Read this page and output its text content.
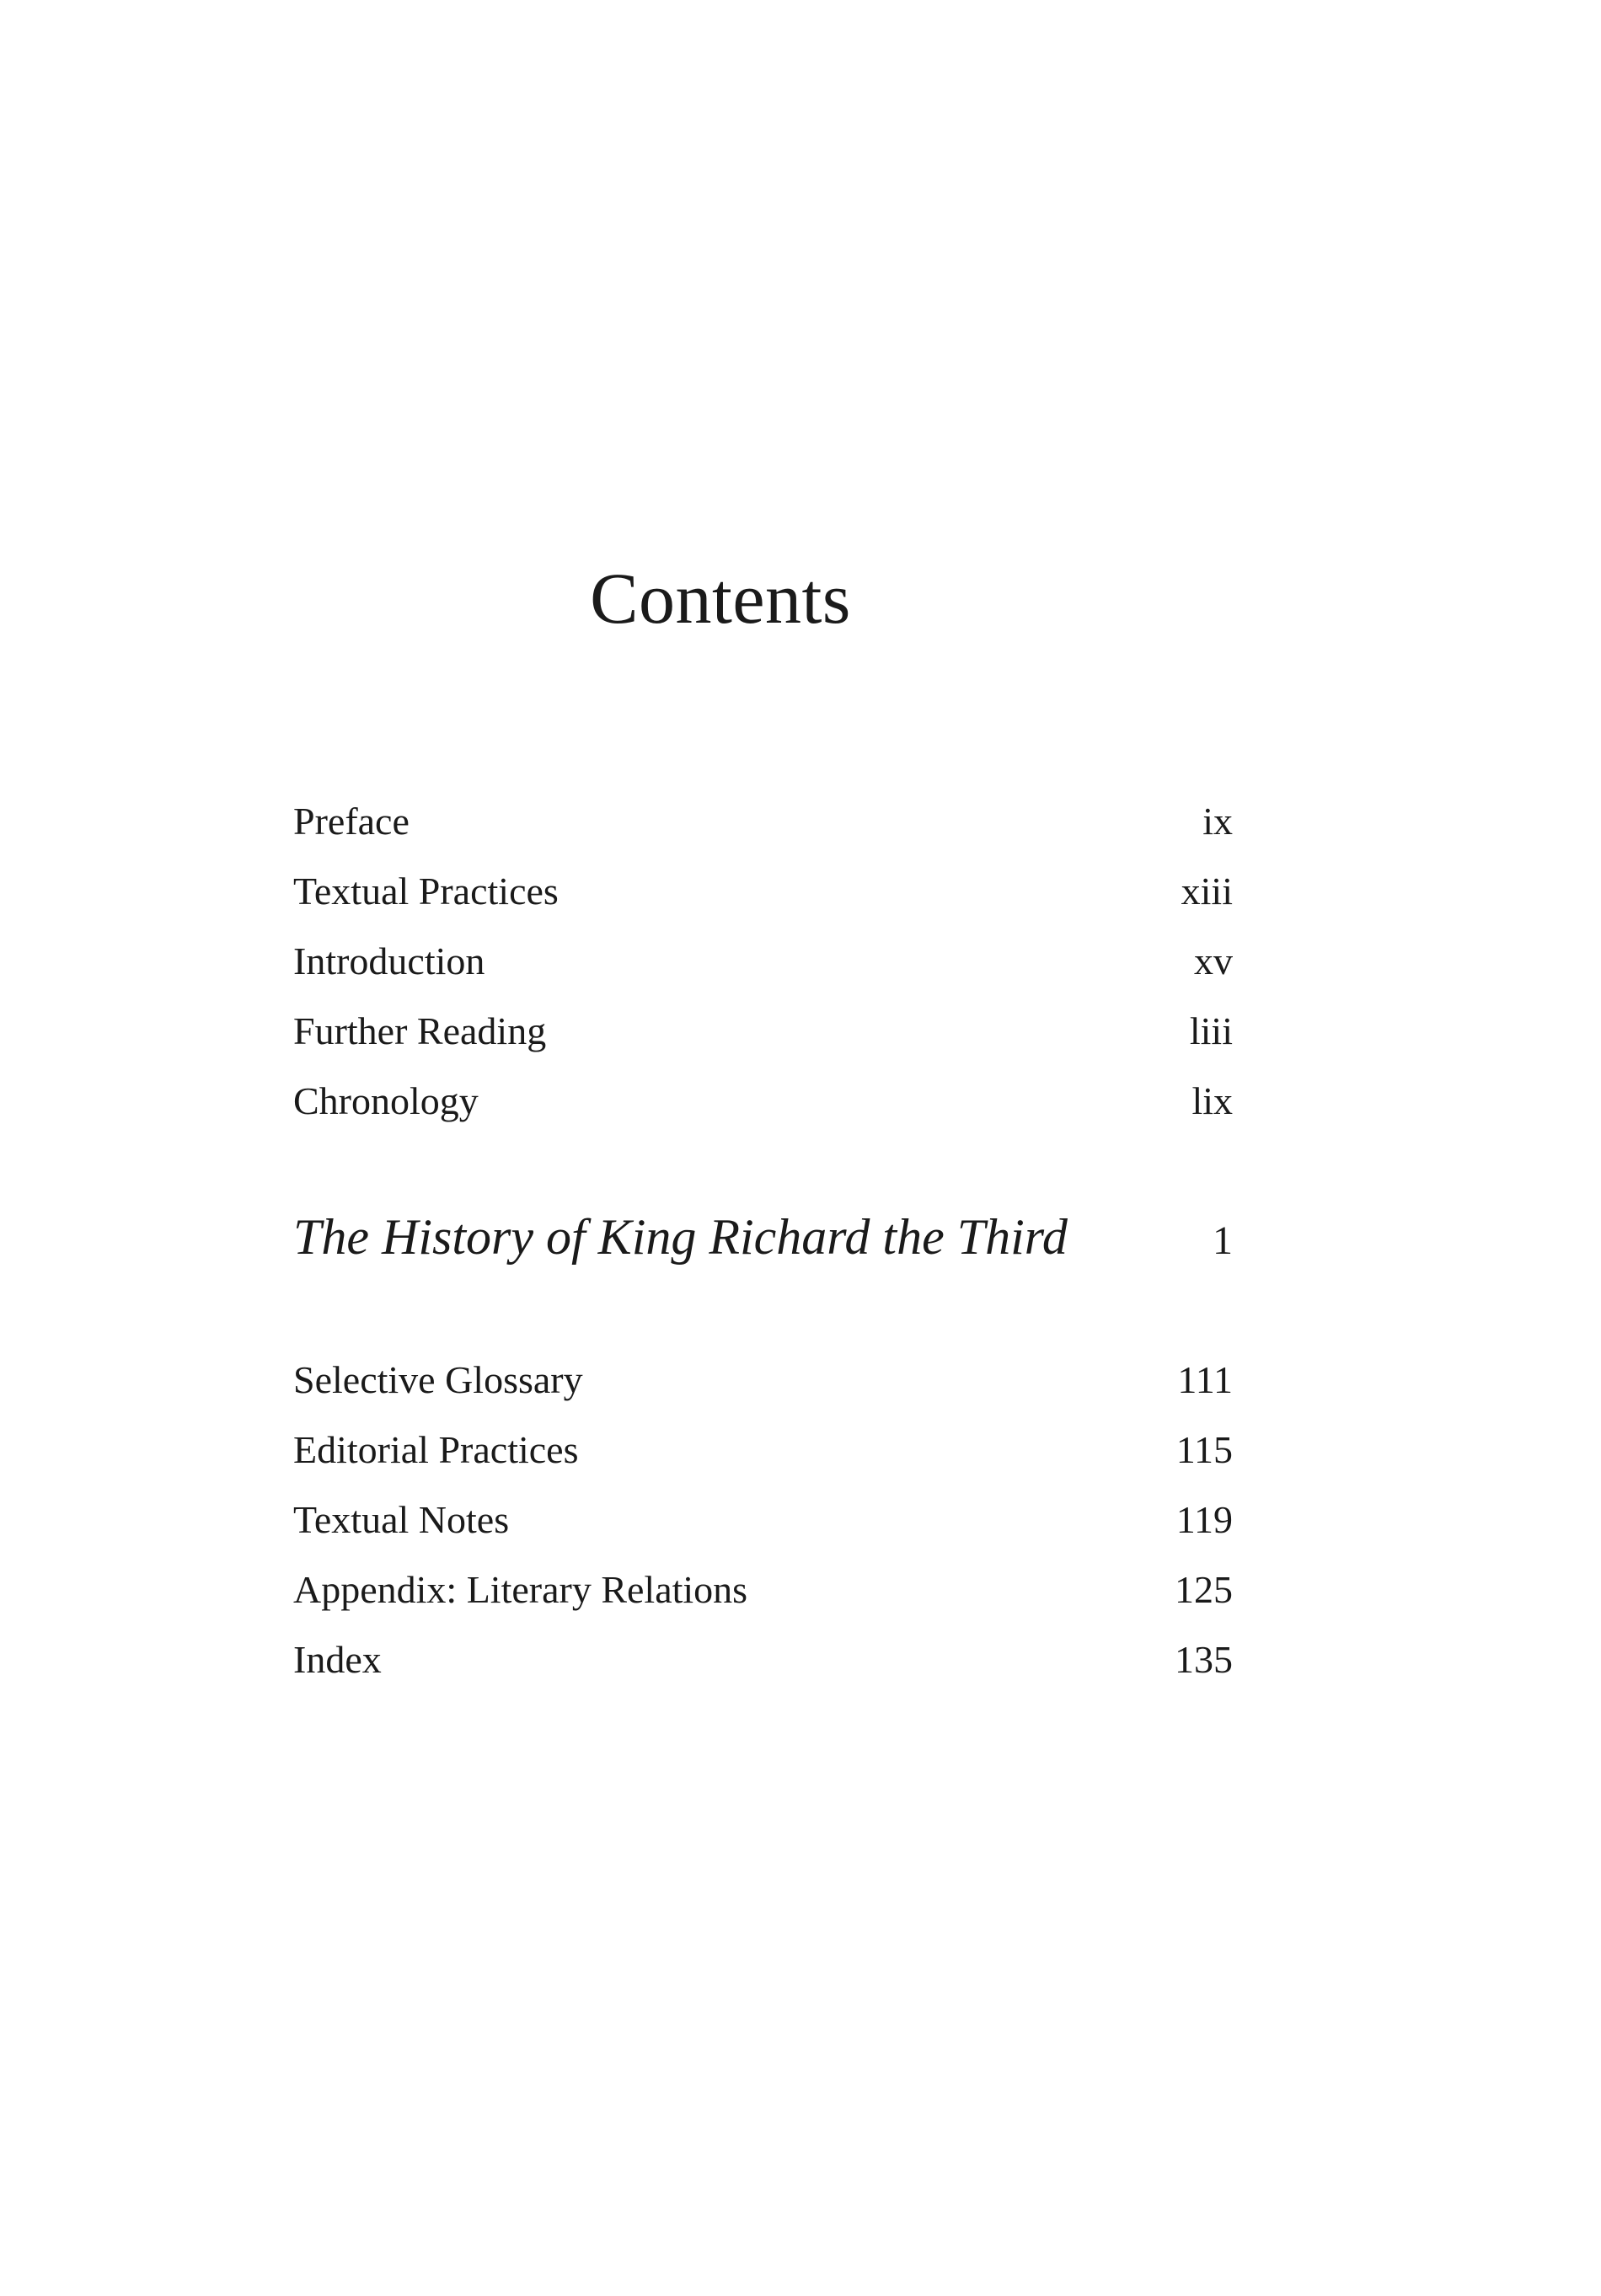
Contents
Preface	ix
Textual Practices	xiii
Introduction	xv
Further Reading	liii
Chronology	lix
The History of King Richard the Third	1
Selective Glossary	111
Editorial Practices	115
Textual Notes	119
Appendix: Literary Relations	125
Index	135
